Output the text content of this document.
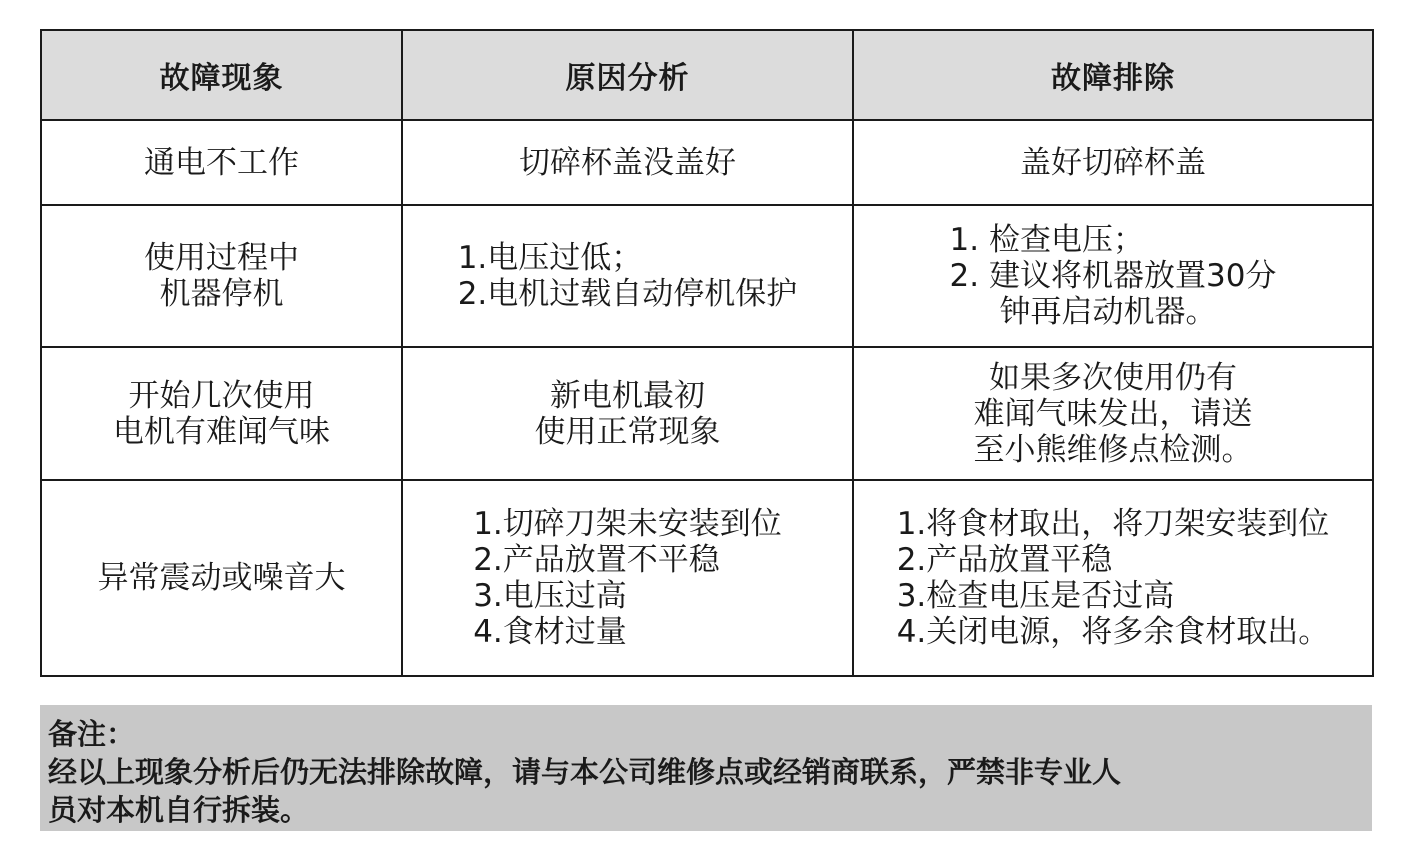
故障现象	原因分析	故障排除

通电不工作	切碎杯盖没盖好	盖好切碎杯盖

使用过程中
机器停机	1.电压过低；
2.电机过载自动停机保护	1. 检查电压；
2. 建议将机器放置30分
钟再启动机器。

开始几次使用
电机有难闻气味	新电机最初
使用正常现象	如果多次使用仍有
难闻气味发出，请送
至小熊维修点检测。

异常震动或噪音大	1.切碎刀架未安装到位
2.产品放置不平稳
3.电压过高
4.食材过量	1.将食材取出，将刀架安装到位
2.产品放置平稳
3.检查电压是否过高
4.关闭电源，将多余食材取出。
备注：
经以上现象分析后仍无法排除故障，请与本公司维修点或经销商联系，严禁非专业人
员对本机自行拆装。
